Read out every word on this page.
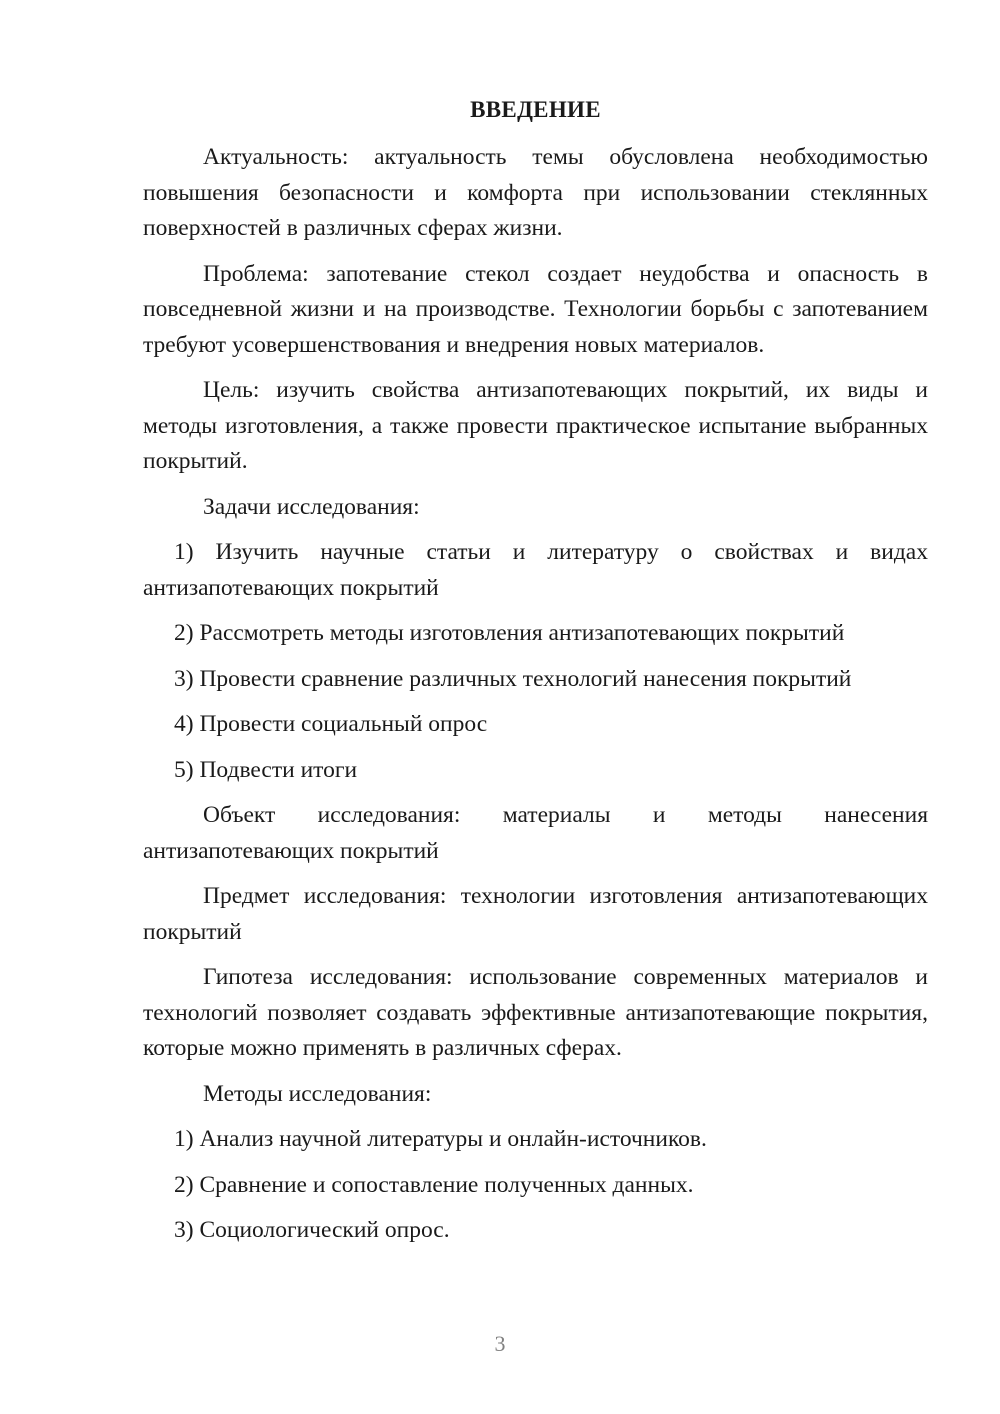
ВВЕДЕНИЕ

Актуальность: актуальность темы обусловлена необходимостью повышения безопасности и комфорта при использовании стеклянных поверхностей в различных сферах жизни.

Проблема: запотевание стекол создает неудобства и опасность в повседневной жизни и на производстве. Технологии борьбы с запотеванием требуют усовершенствования и внедрения новых материалов.

Цель: изучить свойства антизапотевающих покрытий, их виды и методы изготовления, а также провести практическое испытание выбранных покрытий.

Задачи исследования:

1) Изучить научные статьи и литературу о свойствах и видах антизапотевающих покрытий

2) Рассмотреть методы изготовления антизапотевающих покрытий

3) Провести сравнение различных технологий нанесения покрытий

4) Провести социальный опрос

5) Подвести итоги

Объект исследования: материалы и методы нанесения антизапотевающих покрытий

Предмет исследования: технологии изготовления антизапотевающих покрытий

Гипотеза исследования: использование современных материалов и технологий позволяет создавать эффективные антизапотевающие покрытия, которые можно применять в различных сферах.

Методы исследования:

1) Анализ научной литературы и онлайн-источников.

2) Сравнение и сопоставление полученных данных.

3) Социологический опрос.

3
